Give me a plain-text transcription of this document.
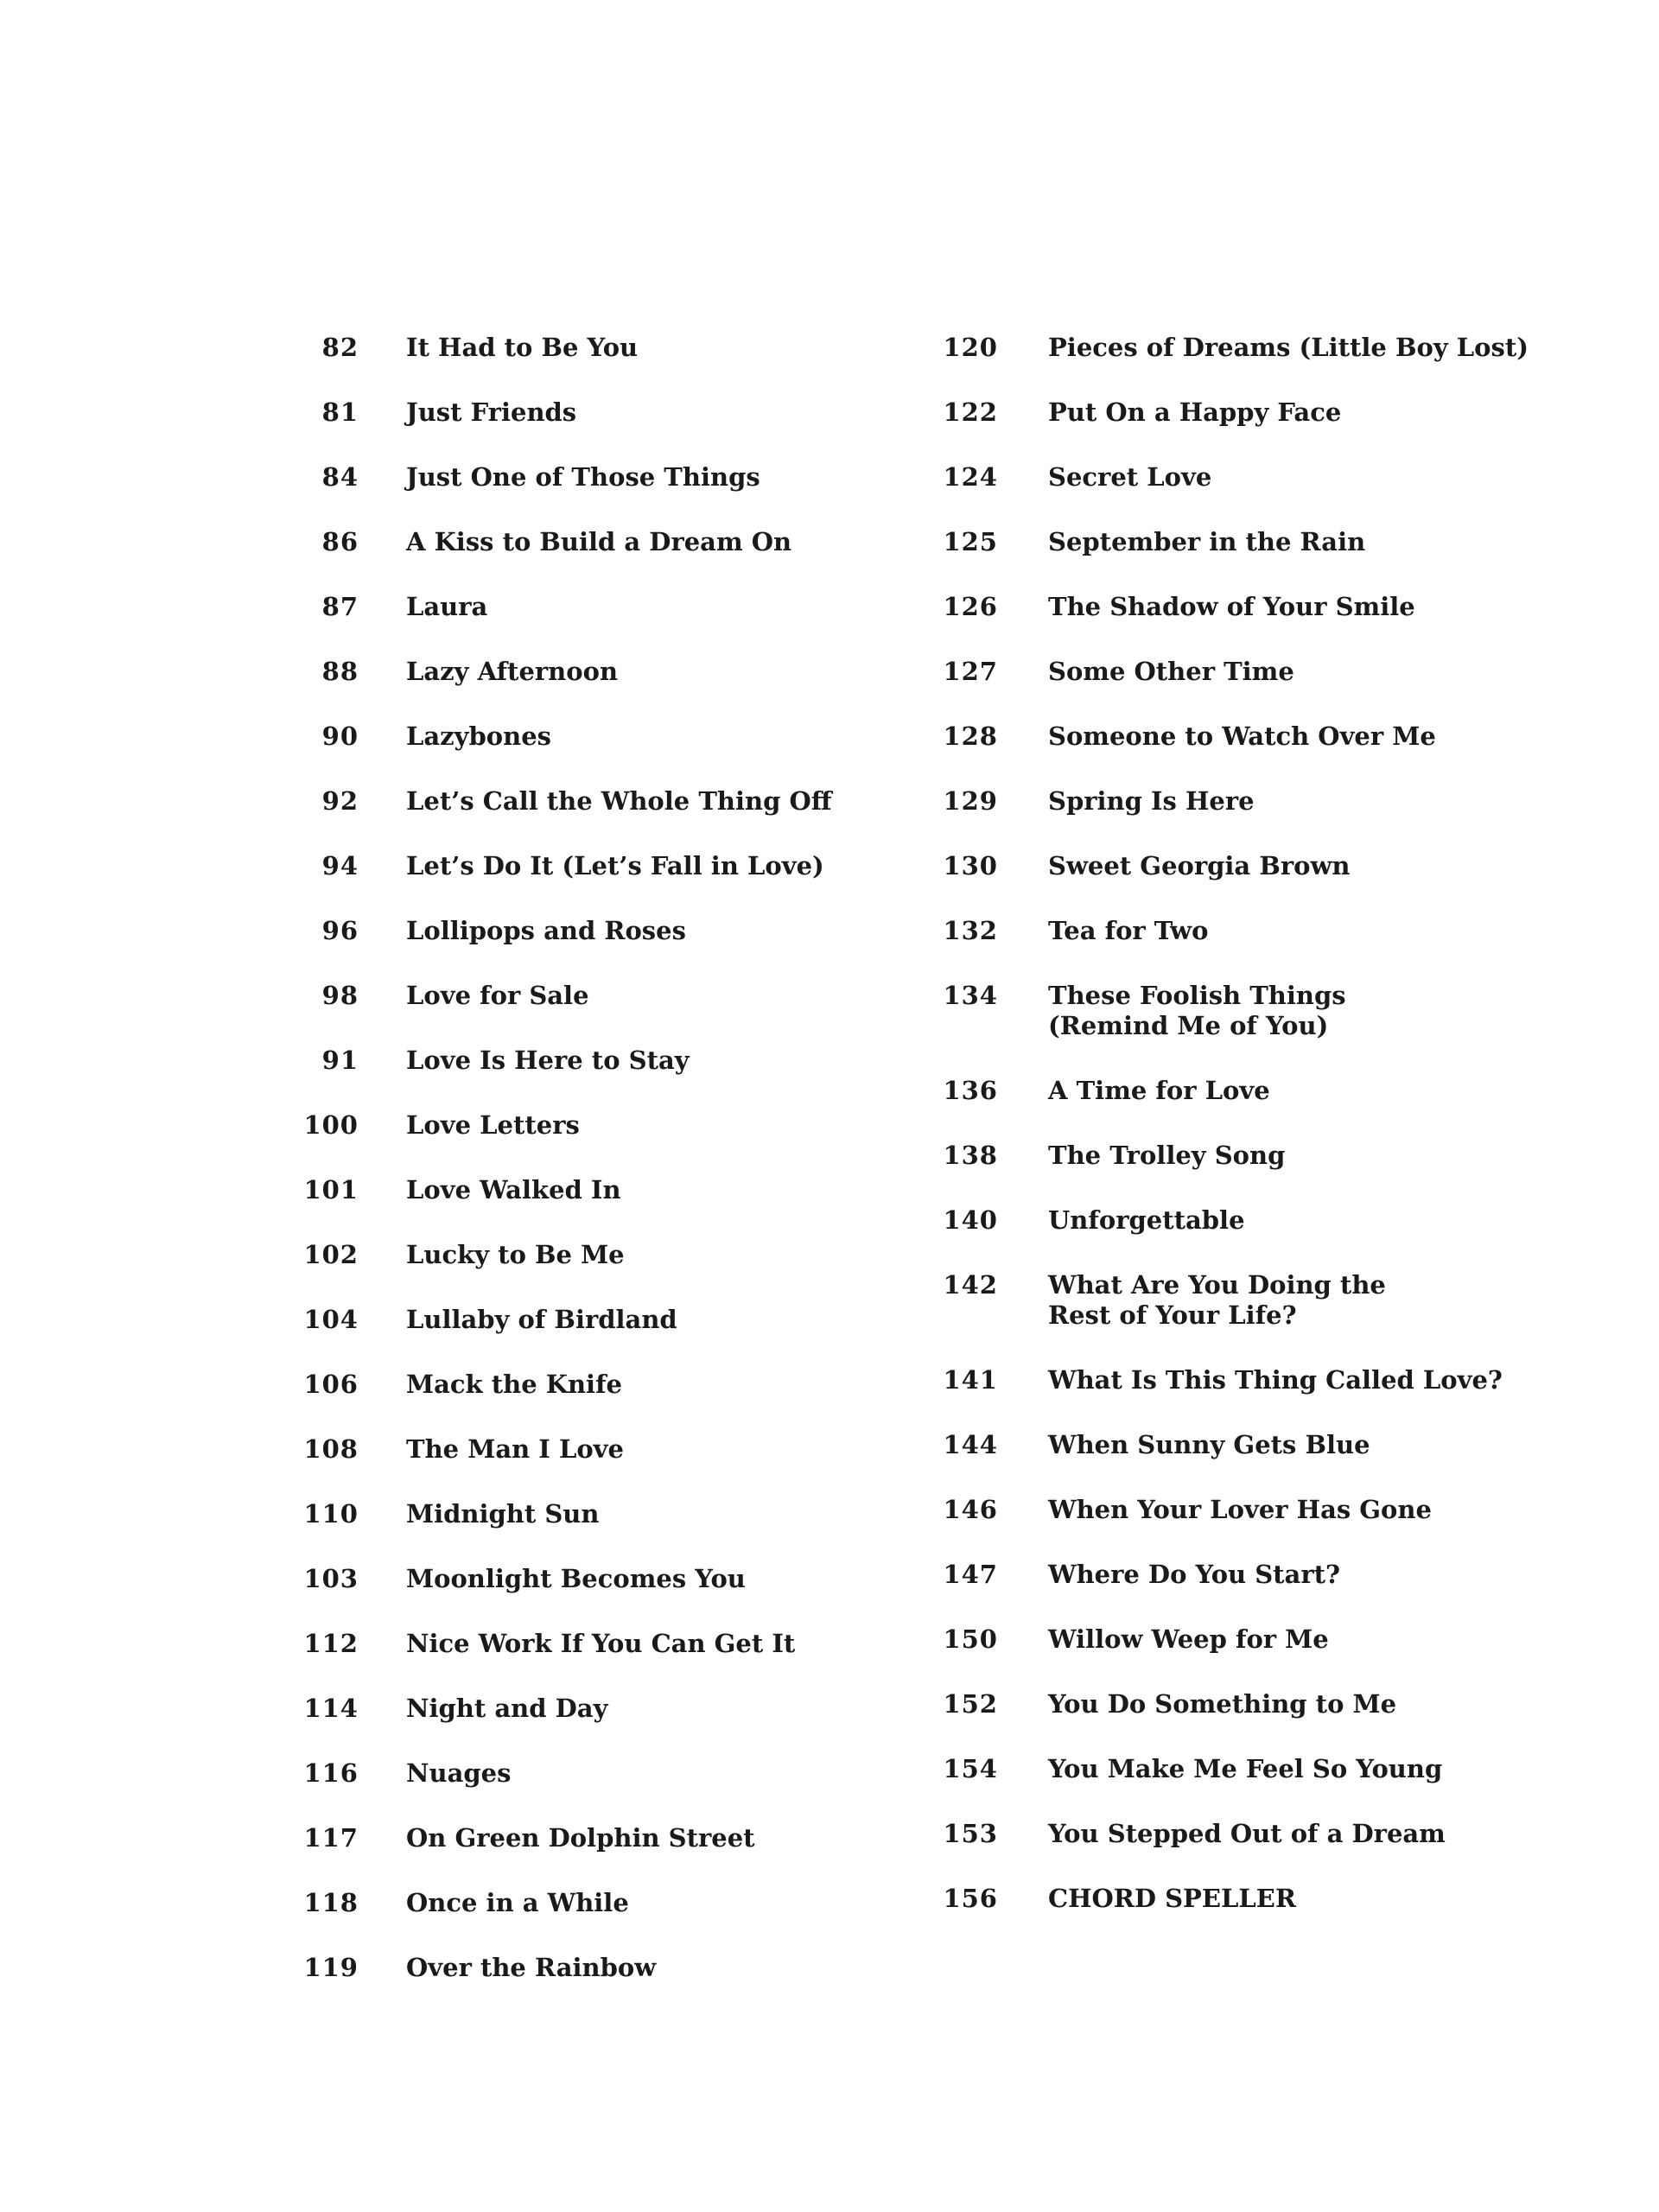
82 It Had to Be You
81 Just Friends
84 Just One of Those Things
86 A Kiss to Build a Dream On
87 Laura
88 Lazy Afternoon
90 Lazybones
92 Let’s Call the Whole Thing Off
94 Let’s Do It (Let’s Fall in Love)
96 Lollipops and Roses
98 Love for Sale
91 Love Is Here to Stay
100 Love Letters
101 Love Walked In
102 Lucky to Be Me
104 Lullaby of Birdland
106 Mack the Knife
108 The Man I Love
110 Midnight Sun
103 Moonlight Becomes You
112 Nice Work If You Can Get It
114 Night and Day
116 Nuages
117 On Green Dolphin Street
118 Once in a While
119 Over the Rainbow
120 Pieces of Dreams (Little Boy Lost)
122 Put On a Happy Face
124 Secret Love
125 September in the Rain
126 The Shadow of Your Smile
127 Some Other Time
128 Someone to Watch Over Me
129 Spring Is Here
130 Sweet Georgia Brown
132 Tea for Two
134 These Foolish Things
(Remind Me of You)
136 A Time for Love
138 The Trolley Song
140 Unforgettable
142 What Are You Doing the
Rest of Your Life?
141 What Is This Thing Called Love?
144 When Sunny Gets Blue
146 When Your Lover Has Gone
147 Where Do You Start?
150 Willow Weep for Me
152 You Do Something to Me
154 You Make Me Feel So Young
153 You Stepped Out of a Dream
156 CHORD SPELLER
